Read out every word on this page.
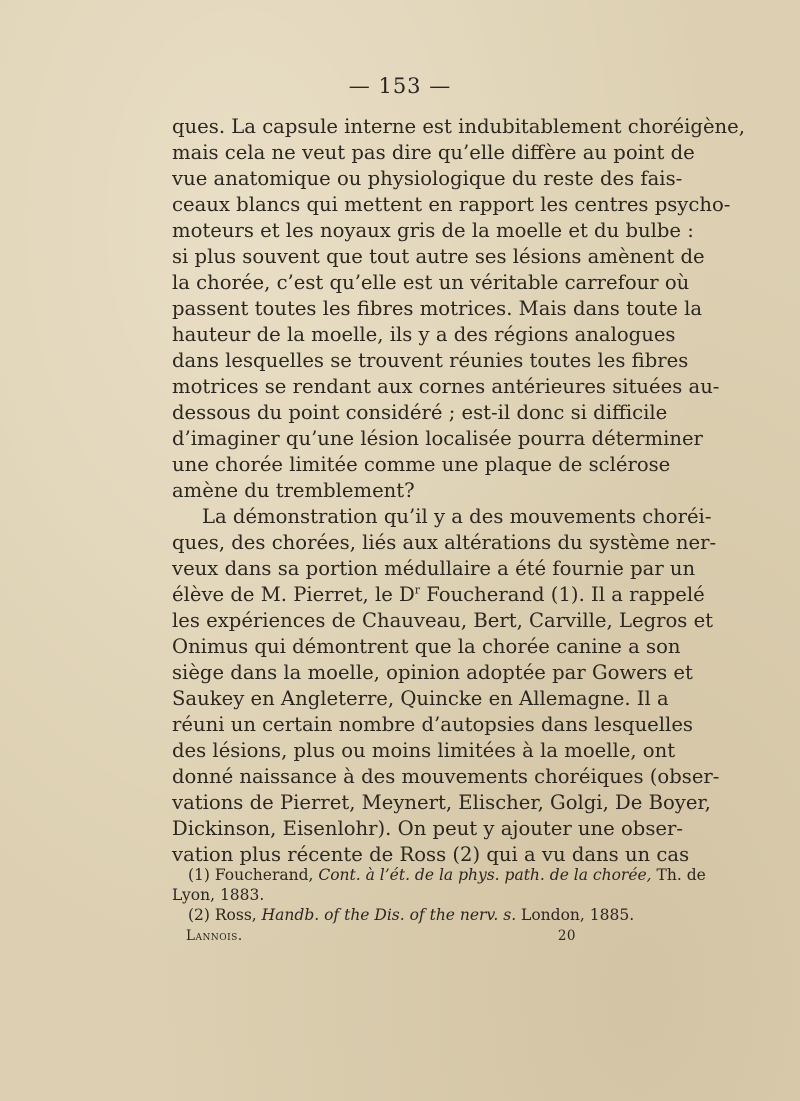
— 153 —
ques. La capsule interne est indubitablement choréigène,
mais cela ne veut pas dire qu’elle diffère au point de
vue anatomique ou physiologique du reste des fais-
ceaux blancs qui mettent en rapport les centres psycho-
moteurs et les noyaux gris de la moelle et du bulbe :
si plus souvent que tout autre ses lésions amènent de
la chorée, c’est qu’elle est un véritable carrefour où
passent toutes les fibres motrices. Mais dans toute la
hauteur de la moelle, ils y a des régions analogues
dans lesquelles se trouvent réunies toutes les fibres
motrices se rendant aux cornes antérieures situées au-
dessous du point considéré ; est-il donc si difficile
d’imaginer qu’une lésion localisée pourra déterminer
une chorée limitée comme une plaque de sclérose
amène du tremblement?
La démonstration qu’il y a des mouvements choréi-
ques, des chorées, liés aux altérations du système ner-
veux dans sa portion médullaire a été fournie par un
élève de M. Pierret, le $D^r$ Foucherand (1). Il a rappelé
les expériences de Chauveau, Bert, Carville, Legros et
Onimus qui démontrent que la chorée canine a son
siège dans la moelle, opinion adoptée par Gowers et
Saukey en Angleterre, Quincke en Allemagne. Il a
réuni un certain nombre d’autopsies dans lesquelles
des lésions, plus ou moins limitées à la moelle, ont
donné naissance à des mouvements choréiques (obser-
vations de Pierret, Meynert, Elischer, Golgi, De Boyer,
Dickinson, Eisenlohr). On peut y ajouter une obser-
vation plus récente de Ross (2) qui a vu dans un cas
(1) Foucherand, Cont. à l’ét. de la phys. path. de la chorée, Th. de
Lyon, 1883.
(2) Ross, Handb. of the Dis. of the nerv. s. London, 1885.
Lannois.	20
